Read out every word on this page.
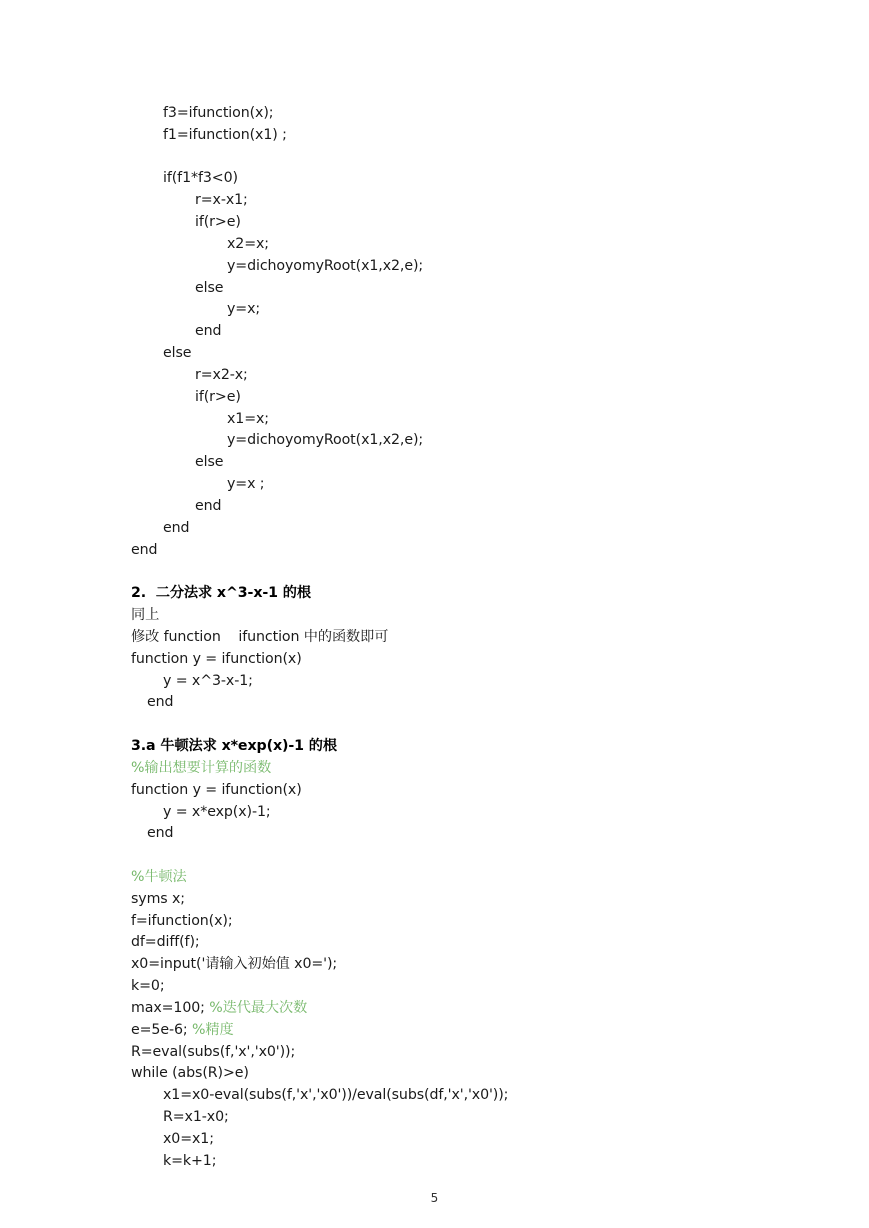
f3=ifunction(x);
f1=ifunction(x1) ;
if(f1*f3<0)
r=x-x1;
if(r>e)
x2=x;
y=dichoyomyRoot(x1,x2,e);
else
y=x;
end
else
r=x2-x;
if(r>e)
x1=x;
y=dichoyomyRoot(x1,x2,e);
else
y=x ;
end
end
end
2.  二分法求 x^3-x-1 的根
同上
修改 function    ifunction 中的函数即可
function y = ifunction(x)
y = x^3-x-1;
end
3.a 牛顿法求 x*exp(x)-1 的根
%输出想要计算的函数
function y = ifunction(x)
y = x*exp(x)-1;
end
%牛顿法
syms x;
f=ifunction(x);
df=diff(f);
x0=input('请输入初始值 x0=');
k=0;
max=100; %迭代最大次数
e=5e-6; %精度
R=eval(subs(f,'x','x0'));
while (abs(R)>e)
x1=x0-eval(subs(f,'x','x0'))/eval(subs(df,'x','x0'));
R=x1-x0;
x0=x1;
k=k+1;
5
